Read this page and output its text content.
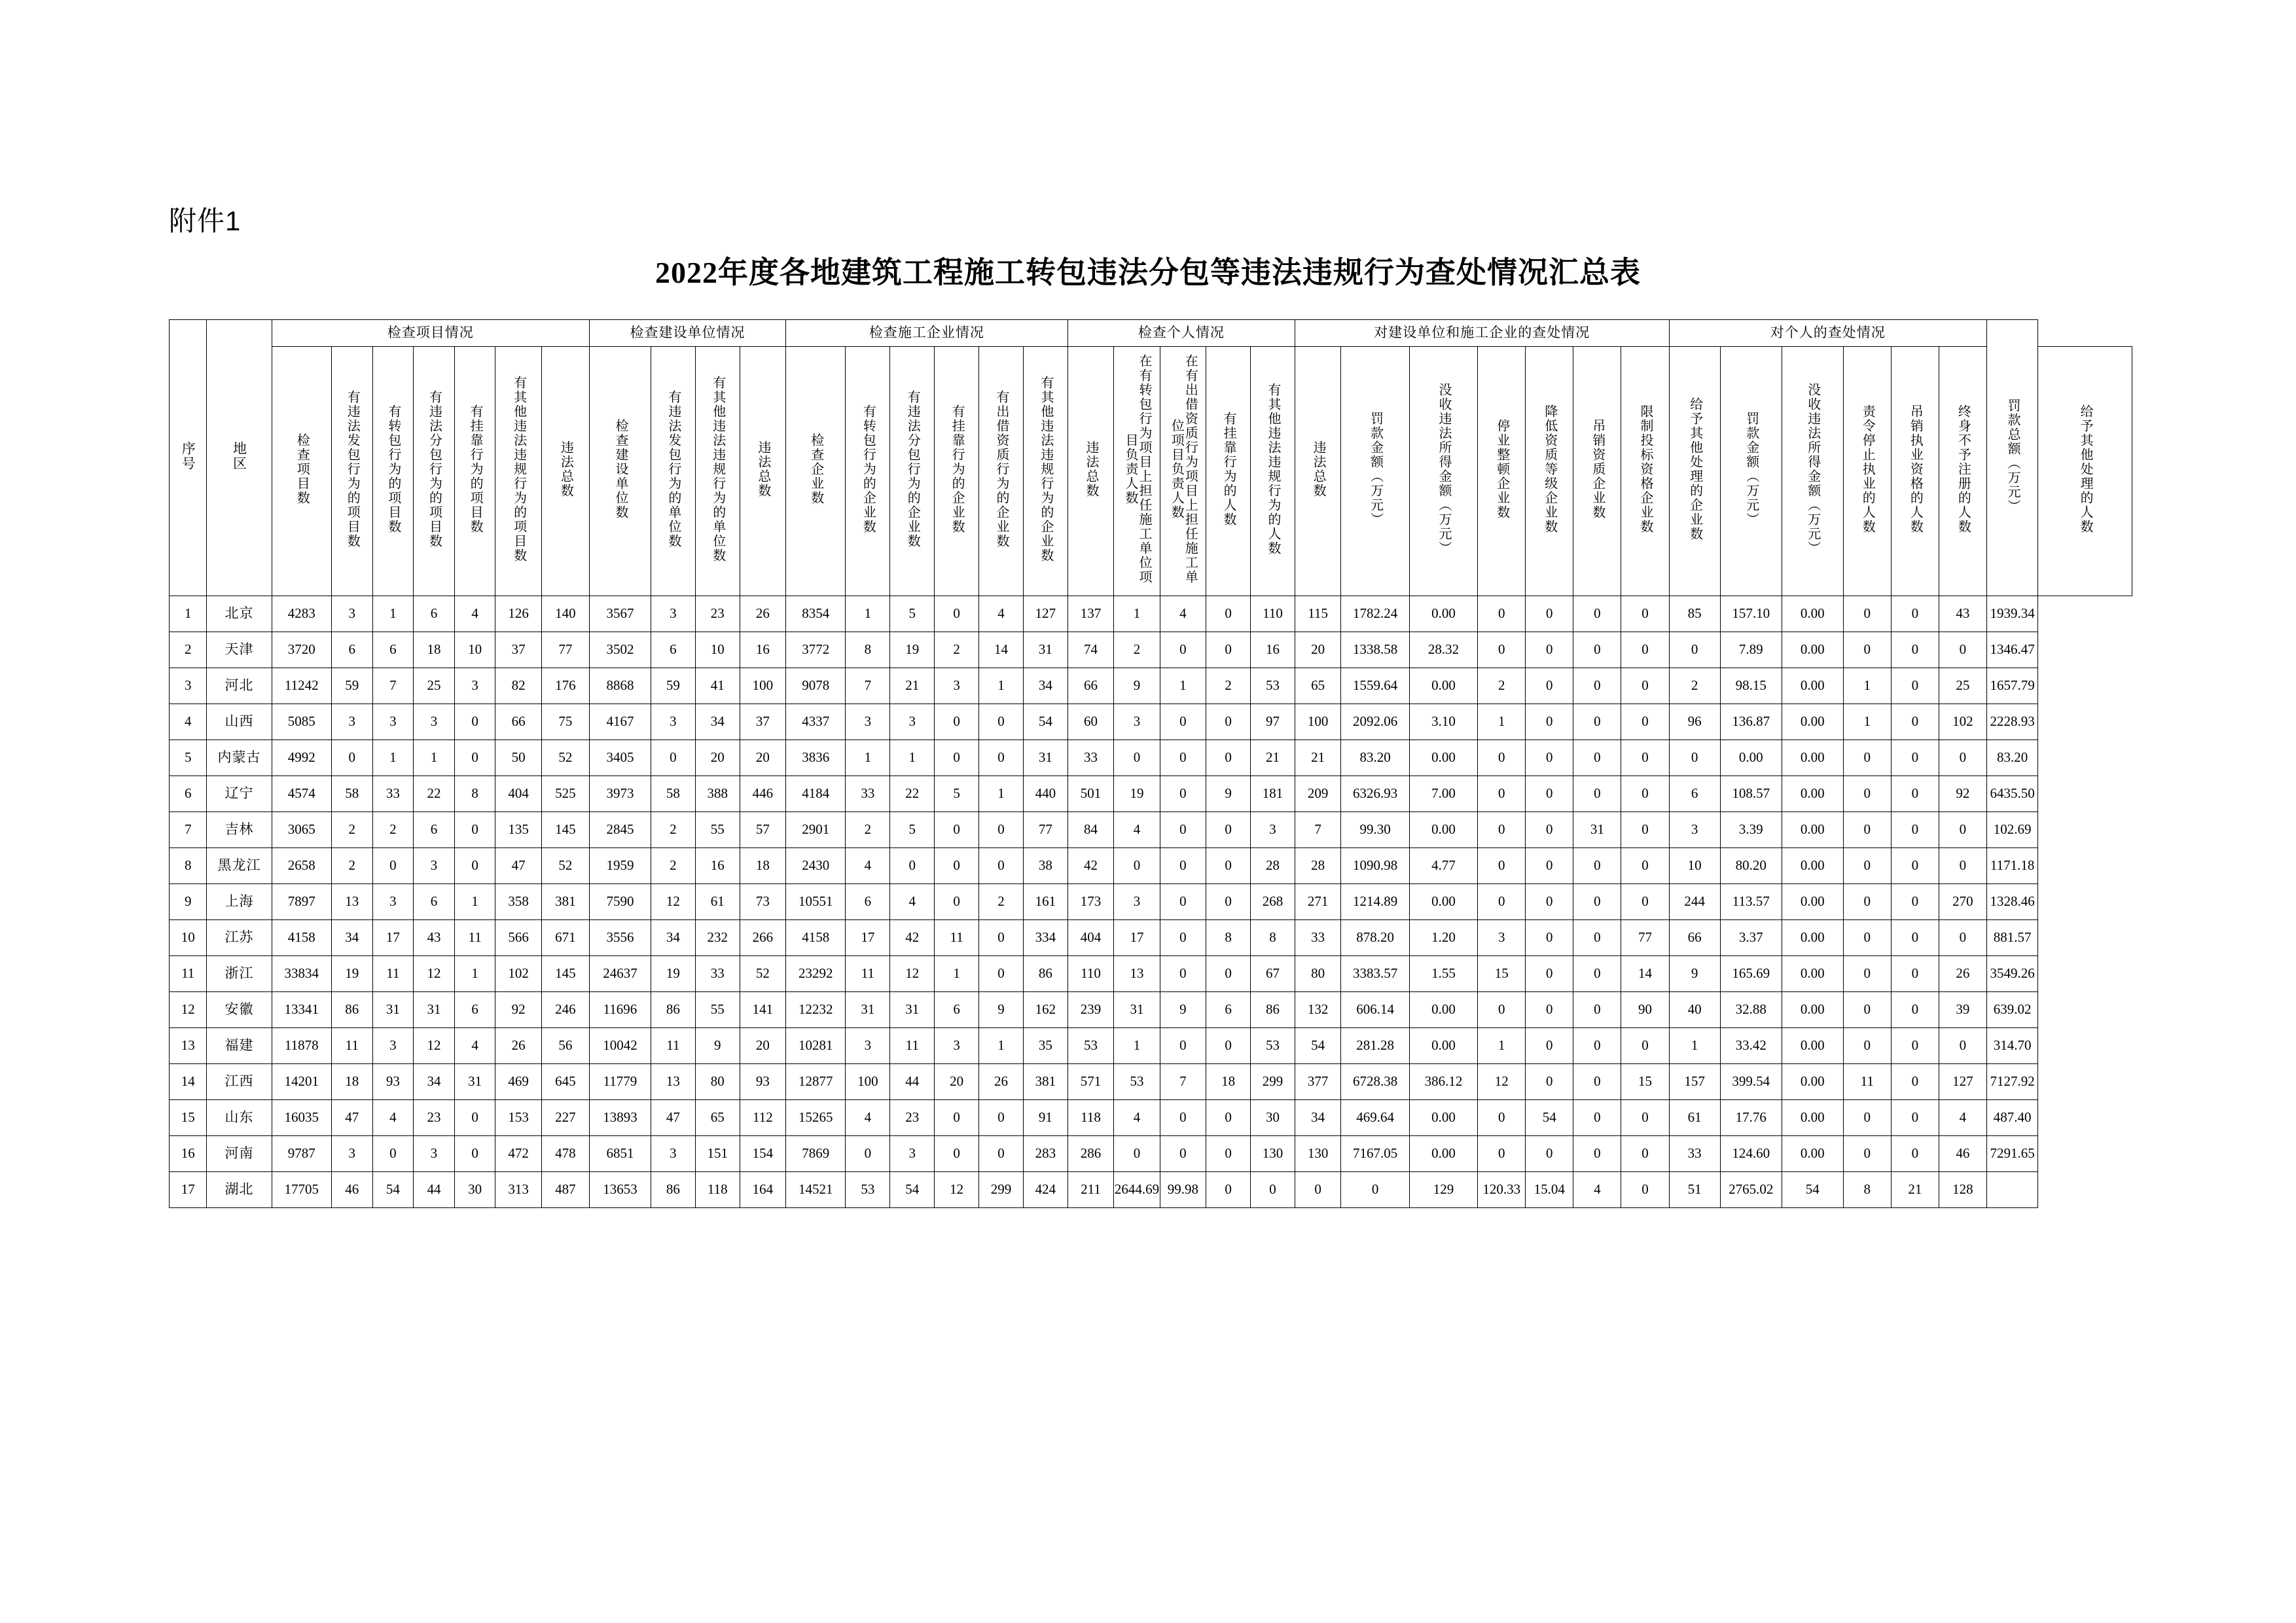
附件1
2022年度各地建筑工程施工转包违法分包等违法违规行为查处情况汇总表
序号	地区	检查项目情况							检查建设单位情况				检查施工企业情况						检查个人情况					对建设单位和施工企业的查处情况							对个人的查处情况						罚款总额（万元）	
		检查项目数	有违法发包行为的项目数	有转包行为的项目数	有违法分包行为的项目数	有挂靠行为的项目数	有其他违法违规行为的项目数	违法总数	检查建设单位数	有违法发包行为的单位数	有其他违法违规行为的单位数	违法总数	检查企业数	有转包行为的企业数	有违法分包行为的企业数	有挂靠行为的企业数	有出借资质行为的企业数	有其他违法违规行为的企业数	违法总数	在有转包行为项目上担任施工单位项目负责人数	在有出借资质行为项目上担任施工单位项目负责人数	有挂靠行为的人数	有其他违法违规行为的人数	违法总数	罚款金额（万元）	没收违法所得金额（万元）	停业整顿企业数	降低资质等级企业数	吊销资质企业数	限制投标资格企业数	给予其他处理的企业数	罚款金额（万元）	没收违法所得金额（万元）	责令停止执业的人数	吊销执业资格的人数	终身不予注册的人数		给予其他处理的人数
1	北京	4283	3	1	6	4	126	140	3567	3	23	26	8354	1	5	0	4	127	137	1	4	0	110	115	1782.24	0.00	0	0	0	0	85	157.10	0.00	0	0	43	1939.34	
2	天津	3720	6	6	18	10	37	77	3502	6	10	16	3772	8	19	2	14	31	74	2	0	0	16	20	1338.58	28.32	0	0	0	0	0	7.89	0.00	0	0	0	1346.47	
3	河北	11242	59	7	25	3	82	176	8868	59	41	100	9078	7	21	3	1	34	66	9	1	2	53	65	1559.64	0.00	2	0	0	0	2	98.15	0.00	1	0	25	1657.79	
4	山西	5085	3	3	3	0	66	75	4167	3	34	37	4337	3	3	0	0	54	60	3	0	0	97	100	2092.06	3.10	1	0	0	0	96	136.87	0.00	1	0	102	2228.93	
5	内蒙古	4992	0	1	1	0	50	52	3405	0	20	20	3836	1	1	0	0	31	33	0	0	0	21	21	83.20	0.00	0	0	0	0	0	0.00	0.00	0	0	0	83.20	
6	辽宁	4574	58	33	22	8	404	525	3973	58	388	446	4184	33	22	5	1	440	501	19	0	9	181	209	6326.93	7.00	0	0	0	0	6	108.57	0.00	0	0	92	6435.50	
7	吉林	3065	2	2	6	0	135	145	2845	2	55	57	2901	2	5	0	0	77	84	4	0	0	3	7	99.30	0.00	0	0	31	0	3	3.39	0.00	0	0	0	102.69	
8	黑龙江	2658	2	0	3	0	47	52	1959	2	16	18	2430	4	0	0	0	38	42	0	0	0	28	28	1090.98	4.77	0	0	0	0	10	80.20	0.00	0	0	0	1171.18	
9	上海	7897	13	3	6	1	358	381	7590	12	61	73	10551	6	4	0	2	161	173	3	0	0	268	271	1214.89	0.00	0	0	0	0	244	113.57	0.00	0	0	270	1328.46	
10	江苏	4158	34	17	43	11	566	671	3556	34	232	266	4158	17	42	11	0	334	404	17	0	8	8	33	878.20	1.20	3	0	0	77	66	3.37	0.00	0	0	0	881.57	
11	浙江	33834	19	11	12	1	102	145	24637	19	33	52	23292	11	12	1	0	86	110	13	0	0	67	80	3383.57	1.55	15	0	0	14	9	165.69	0.00	0	0	26	3549.26	
12	安徽	13341	86	31	31	6	92	246	11696	86	55	141	12232	31	31	6	9	162	239	31	9	6	86	132	606.14	0.00	0	0	0	90	40	32.88	0.00	0	0	39	639.02	
13	福建	11878	11	3	12	4	26	56	10042	11	9	20	10281	3	11	3	1	35	53	1	0	0	53	54	281.28	0.00	1	0	0	0	1	33.42	0.00	0	0	0	314.70	
14	江西	14201	18	93	34	31	469	645	11779	13	80	93	12877	100	44	20	26	381	571	53	7	18	299	377	6728.38	386.12	12	0	0	15	157	399.54	0.00	11	0	127	7127.92	
15	山东	16035	47	4	23	0	153	227	13893	47	65	112	15265	4	23	0	0	91	118	4	0	0	30	34	469.64	0.00	0	54	0	0	61	17.76	0.00	0	0	4	487.40	
16	河南	9787	3	0	3	0	472	478	6851	3	151	154	7869	0	3	0	0	283	286	0	0	0	130	130	7167.05	0.00	0	0	0	0	33	124.60	0.00	0	0	46	7291.65	
17	湖北	17705	46	54	44	30	313	487	13653	86	118	164	14521	53	54	12	299	424	211	2644.69	99.98	0	0	0	0	129	120.33	15.04	4	0	51	2765.02	54	8	21	128		
